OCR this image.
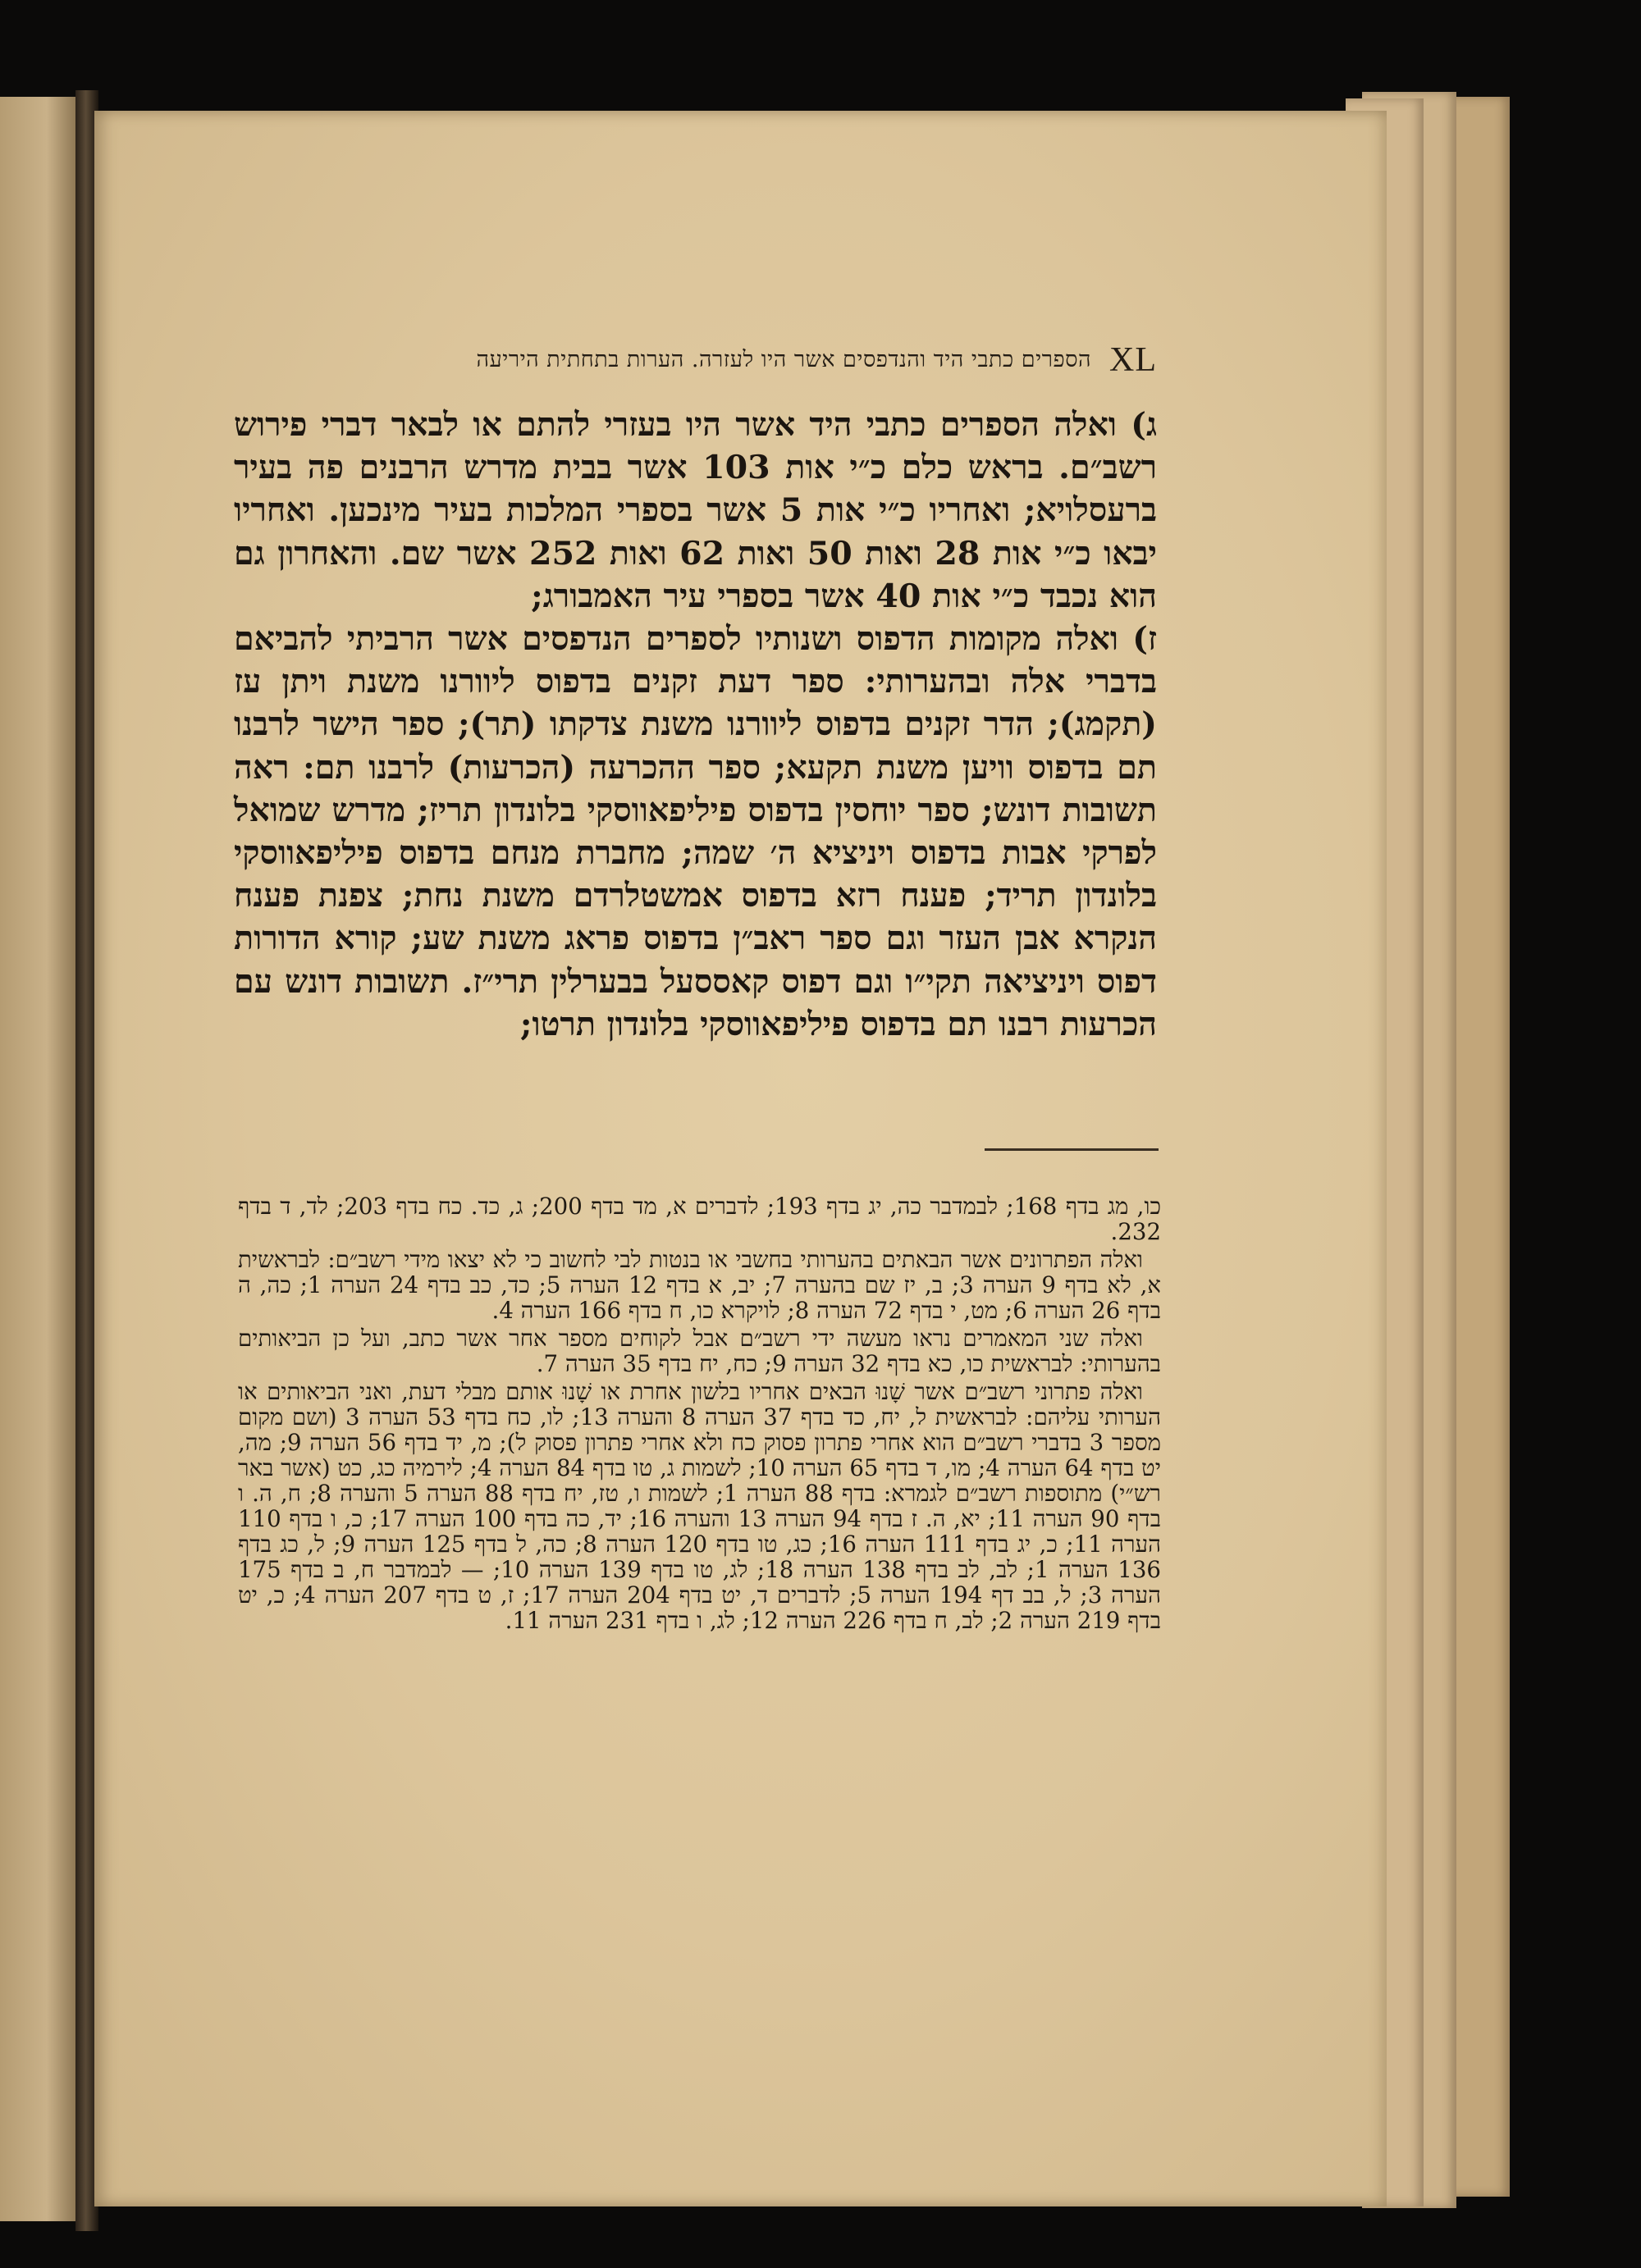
הספרים כתבי היד והנדפסים אשר היו לעזרה. הערות בתחתית היריעה XL

ג) ואלה הספרים כתבי היד אשר היו בעזרי להתם או לבאר דברי פירוש רשב״ם. בראש כלם כ״י אות 103 אשר בבית מדרש הרבנים פה בעיר ברעסלויא; ואחריו כ״י אות 5 אשר בספרי המלכות בעיר מינכען. ואחריו יבאו כ״י אות 28 ואות 50 ואות 62 ואות 252 אשר שם. והאחרון גם הוא נכבד כ״י אות 40 אשר בספרי עיר האמבורג;

ז) ואלה מקומות הדפוס ושנותיו לספרים הנדפסים אשר הרביתי להביאם בדברי אלה ובהערותי: ספר דעת זקנים בדפוס ליוורנו משנת ויתן עז (תקמג); הדר זקנים בדפוס ליוורנו משנת צדקתו (תר); ספר הישר לרבנו תם בדפוס וויען משנת תקעא; ספר ההכרעה (הכרעות) לרבנו תם: ראה תשובות דונש; ספר יוחסין בדפוס פיליפאווסקי בלונדון תריז; מדרש שמואל לפרקי אבות בדפוס ויניציא ה׳ שמה; מחברת מנחם בדפוס פיליפאווסקי בלונדון תריד; פענח רזא בדפוס אמשטלרדם משנת נחת; צפנת פענח הנקרא אבן העזר וגם ספר ראב״ן בדפוס פראג משנת שע; קורא הדורות דפוס ויניציאה תקי״ו וגם דפוס קאססעל בבערלין תרי״ז. תשובות דונש עם הכרעות רבנו תם בדפוס פיליפאווסקי בלונדון תרטו;

כו, מג בדף 168; לבמדבר כה, יג בדף 193; לדברים א, מד בדף 200; ג, כד. כח בדף 203; לד, ד בדף 232.

ואלה הפתרונים אשר הבאתים בהערותי בחשבי או בנטות לבי לחשוב כי לא יצאו מידי רשב״ם: לבראשית א, לא בדף 9 הערה 3; ב, יז שם בהערה 7; יב, א בדף 12 הערה 5; כד, כב בדף 24 הערה 1; כה, ה בדף 26 הערה 6; מט, י בדף 72 הערה 8; לויקרא כו, ח בדף 166 הערה 4.

ואלה שני המאמרים נראו מעשה ידי רשב״ם אבל לקוחים מספר אחר אשר כתב, ועל כן הביאותים בהערותי: לבראשית כו, כא בדף 32 הערה 9; כח, יח בדף 35 הערה 7.

ואלה פתרוני רשב״ם אשר שָׁנוּ הבאים אחריו בלשון אחרת או שָׁנוּ אותם מבלי דעת, ואני הביאותים או הערותי עליהם: לבראשית ל, יח, כד בדף 37 הערה 8 והערה 13; לו, כח בדף 53 הערה 3 (ושם מקום מספר 3 בדברי רשב״ם הוא אחרי פתרון פסוק כח ולא אחרי פתרון פסוק ל); מ, יד בדף 56 הערה 9; מה, יט בדף 64 הערה 4; מו, ד בדף 65 הערה 10; לשמות ג, טו בדף 84 הערה 4; לירמיה כג, כט (אשר באר רש״י) מתוספות רשב״ם לגמרא: בדף 88 הערה 1; לשמות ו, טז, יח בדף 88 הערה 5 והערה 8; ח, ה. ו בדף 90 הערה 11; יא, ה. ז בדף 94 הערה 13 והערה 16; יד, כה בדף 100 הערה 17; כ, ו בדף 110 הערה 11; כ, יג בדף 111 הערה 16; כג, טו בדף 120 הערה 8; כה, ל בדף 125 הערה 9; ל, כג בדף 136 הערה 1; לב, לב בדף 138 הערה 18; לג, טו בדף 139 הערה 10; — לבמדבר ח, ב בדף 175 הערה 3; ל, בב דף 194 הערה 5; לדברים ד, יט בדף 204 הערה 17; ז, ט בדף 207 הערה 4; כ, יט בדף 219 הערה 2; לב, ח בדף 226 הערה 12; לג, ו בדף 231 הערה 11.
